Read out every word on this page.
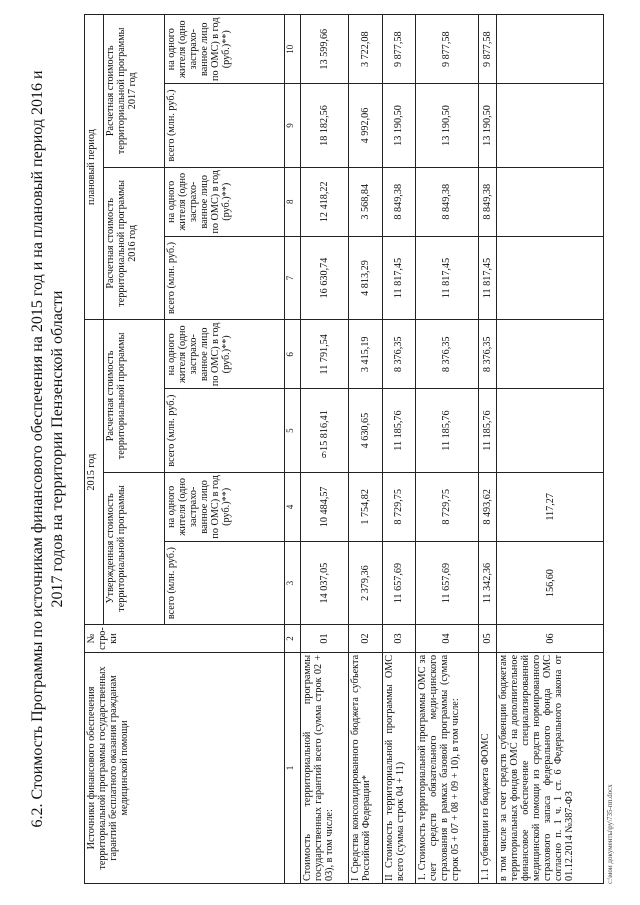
6
6.2. Стоимость Программы по источникам финансового обеспечения на 2015 год и на плановый период 2016 и 2017 годов на территории Пензенской области
Источники финансового обеспечения территориальной программы государственных гарантий бесплатного оказания гражданам медицинской помощи	№ стро-ки	2015 год				плановый период			
		Утвержденная стоимость территориальной программы		Расчетная стоимость территориальной программы		Расчетная стоимость территориальной программы 2016 год		Расчетная стоимость территориальной программы 2017 год	
		всего (млн. руб.)	на одного жителя (одно застрахо-ванное лицо по ОМС) в год (руб.)**)	всего (млн. руб.)	на одного жителя (одно застрахо-ванное лицо по ОМС) в год (руб.)**)	всего (млн. руб.)	на одного жителя (одно застрахо-ванное лицо по ОМС) в год (руб.)**)	всего (млн. руб.)	на одного жителя (одно застрахо-ванное лицо по ОМС) в год (руб.)**)
1	2	3	4	5	6	7	8	9	10
Стоимость территориальной программы государственных гарантий всего (сумма строк 02 + 03), в том числе:	01	14 037,05	10 484,57	15 816,41	11 791,54	16 630,74	12 418,22	18 182,56	13 599,66
I Средства консолидированного бюджета субъекта Российской Федерации*	02	2 379,36	1 754,82	4 630,65	3 415,19	4 813,29	3 568,84	4 992,06	3 722,08
II Стоимость территориальной программы ОМС всего (сумма строк 04 + 11)	03	11 657,69	8 729,75	11 185,76	8 376,35	11 817,45	8 849,38	13 190,50	9 877,58
1. Стоимость территориальной программы ОМС за счет средств обязательного меди-цинского страхования в рамках базовой программы (сумма строк 05 + 07 + 08 + 09 + 10), в том числе:	04	11 657,69	8 729,75	11 185,76	8 376,35	11 817,45	8 849,38	13 190,50	9 877,58
1.1 субвенции из бюджета ФОМС	05	11 342,36	8 493,62	11 185,76	8 376,35	11 817,45	8 849,38	13 190,50	9 877,58
в том числе за счет средств субвенции бюджетам территориальных фондов ОМС на дополнительное финансовое обеспечение специализированной медицинской помощи из средств нормированного страхового запаса федерального фонда ОМС согласно п. 1 ч. 1 ст. 6 Федерального закона от 01.12.2014 №387-ФЗ	06	156,60	117,27						
c:\мои документы\ру\735-пп.docx
